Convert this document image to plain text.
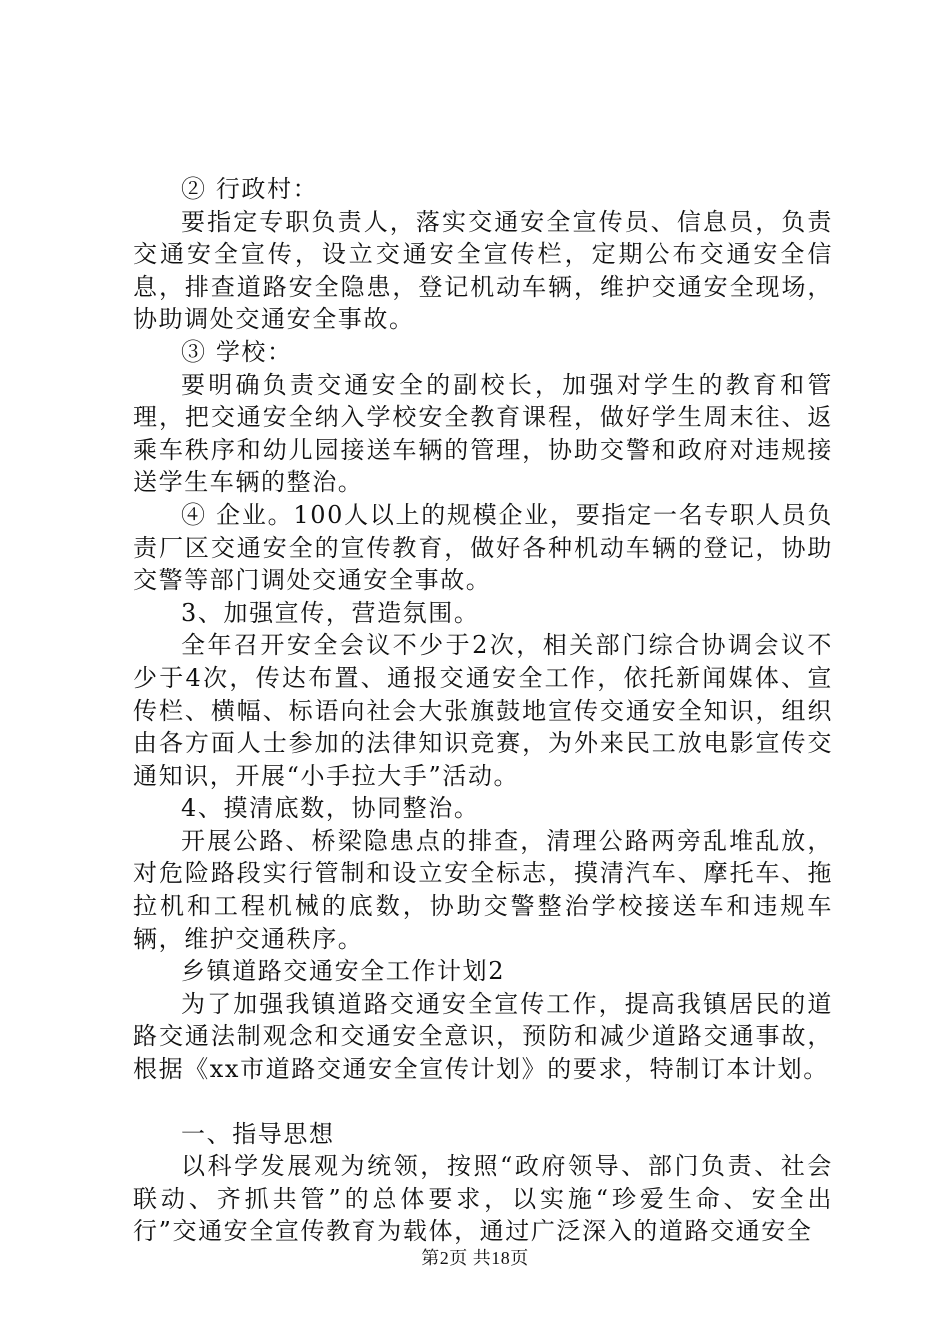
② 行政村：

要指定专职负责人，落实交通安全宣传员、信息员，负责交通安全宣传，设立交通安全宣传栏，定期公布交通安全信息，排查道路安全隐患，登记机动车辆，维护交通安全现场，协助调处交通安全事故。

③ 学校：

要明确负责交通安全的副校长，加强对学生的教育和管理，把交通安全纳入学校安全教育课程，做好学生周末往、返乘车秩序和幼儿园接送车辆的管理，协助交警和政府对违规接送学生车辆的整治。

④ 企业。100人以上的规模企业，要指定一名专职人员负责厂区交通安全的宣传教育，做好各种机动车辆的登记，协助交警等部门调处交通安全事故。

3、加强宣传，营造氛围。

全年召开安全会议不少于2次，相关部门综合协调会议不少于4次，传达布置、通报交通安全工作，依托新闻媒体、宣传栏、横幅、标语向社会大张旗鼓地宣传交通安全知识，组织由各方面人士参加的法律知识竞赛，为外来民工放电影宣传交通知识，开展“小手拉大手”活动。

4、摸清底数，协同整治。

开展公路、桥梁隐患点的排查，清理公路两旁乱堆乱放，对危险路段实行管制和设立安全标志，摸清汽车、摩托车、拖拉机和工程机械的底数，协助交警整治学校接送车和违规车辆，维护交通秩序。

乡镇道路交通安全工作计划2

为了加强我镇道路交通安全宣传工作，提高我镇居民的道路交通法制观念和交通安全意识，预防和减少道路交通事故，根据《xx市道路交通安全宣传计划》的要求，特制订本计划。

一、指导思想

以科学发展观为统领，按照“政府领导、部门负责、社会联动、齐抓共管”的总体要求，以实施“珍爱生命、安全出行”交通安全宣传教育为载体，通过广泛深入的道路交通安全

第2页 共18页
